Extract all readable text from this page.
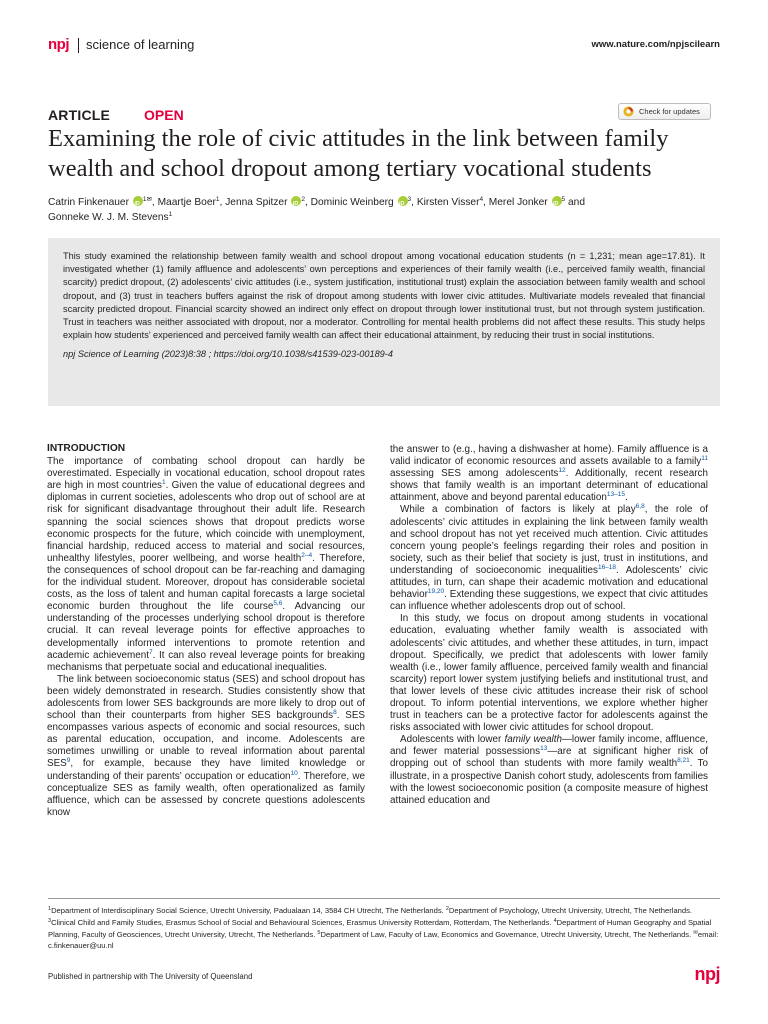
npj science of learning	www.nature.com/npjscilearn
ARTICLE OPEN	Check for updates
Examining the role of civic attitudes in the link between family wealth and school dropout among tertiary vocational students
Catrin Finkenauer iD $^{1✉}$, Maartje Boer$^1$, Jenna Spitzer iD $^2$, Dominic Weinberg iD $^3$, Kirsten Visser$^4$, Merel Jonker iD $^5$ and
Gonneke W. J. M. Stevens$^1$

This study examined the relationship between family wealth and school dropout among vocational education students (n = 1,231; mean age=17.81). It investigated whether (1) family affluence and adolescents’ own perceptions and experiences of their family wealth (i.e., perceived family wealth, financial scarcity) predict dropout, (2) adolescents’ civic attitudes (i.e., system justification, institutional trust) explain the association between family wealth and school dropout, and (3) trust in teachers buffers against the risk of dropout among students with lower civic attitudes. Multivariate models revealed that financial scarcity predicted dropout. Financial scarcity showed an indirect only effect on dropout through lower institutional trust, but not through system justification. Trust in teachers was neither associated with dropout, nor a moderator. Controlling for mental health problems did not affect these results. This study helps explain how students’ experienced and perceived family wealth can affect their educational attainment, by reducing their trust in social institutions.

npj Science of Learning (2023)8:38 ; https://doi.org/10.1038/s41539-023-00189-4

INTRODUCTION

The importance of combating school dropout can hardly be overestimated. Especially in vocational education, school dropout rates are high in most countries$^1$. Given the value of educational degrees and diplomas in current societies, adolescents who drop out of school are at risk for significant disadvantage throughout their adult life. Research spanning the social sciences shows that dropout predicts worse economic prospects for the future, which coincide with unemployment, financial hardship, reduced access to material and social resources, unhealthy lifestyles, poorer wellbeing, and worse health$^{2-4}$. Therefore, the consequences of school dropout can be far-reaching and damaging for the individual student. Moreover, dropout has considerable societal costs, as the loss of talent and human capital forecasts a large societal economic burden throughout the life course$^{5,6}$. Advancing our understanding of the processes underlying school dropout is therefore crucial. It can reveal leverage points for effective approaches to developmentally informed interventions to promote retention and academic achievement$^7$. It can also reveal leverage points for breaking mechanisms that perpetuate social and educational inequalities.

The link between socioeconomic status (SES) and school dropout has been widely demonstrated in research. Studies consistently show that adolescents from lower SES backgrounds are more likely to drop out of school than their counterparts from higher SES backgrounds$^8$. SES encompasses various aspects of economic and social resources, such as parental education, occupation, and income. Adolescents are sometimes unwilling or unable to reveal information about parental SES$^9$, for example, because they have limited knowledge or understanding of their parents’ occupation or education$^{10}$. Therefore, we conceptualize SES as family wealth, often operationalized as family affluence, which can be assessed by concrete questions adolescents know

the answer to (e.g., having a dishwasher at home). Family affluence is a valid indicator of economic resources and assets available to a family$^{11}$ assessing SES among adolescents$^{12}$. Additionally, recent research shows that family wealth is an important determinant of educational attainment, above and beyond parental education$^{13-15}$.

While a combination of factors is likely at play$^{6,8}$, the role of adolescents’ civic attitudes in explaining the link between family wealth and school dropout has not yet received much attention. Civic attitudes concern young people’s feelings regarding their roles and position in society, such as their belief that society is just, trust in institutions, and understanding of socioeconomic inequalities$^{16-18}$. Adolescents’ civic attitudes, in turn, can shape their academic motivation and educational behavior$^{19,20}$. Extending these suggestions, we expect that civic attitudes can influence whether adolescents drop out of school.

In this study, we focus on dropout among students in vocational education, evaluating whether family wealth is associated with adolescents’ civic attitudes, and whether these attitudes, in turn, impact dropout. Specifically, we predict that adolescents with lower family wealth (i.e., lower family affluence, perceived family wealth and financial scarcity) report lower system justifying beliefs and institutional trust, and that lower levels of these civic attitudes increase their risk of school dropout. To inform potential interventions, we explore whether higher trust in teachers can be a protective factor for adolescents against the risks associated with lower civic attitudes for school dropout.

Adolescents with lower family wealth—lower family income, affluence, and fewer material possessions$^{13}$—are at significant higher risk of dropping out of school than students with more family wealth$^{8,21}$. To illustrate, in a prospective Danish cohort study, adolescents from families with the lowest socioeconomic position (a composite measure of highest attained education and

$^1$Department of Interdisciplinary Social Science, Utrecht University, Padualaan 14, 3584 CH Utrecht, The Netherlands. $^2$Department of Psychology, Utrecht University, Utrecht, The Netherlands. $^3$Clinical Child and Family Studies, Erasmus School of Social and Behavioural Sciences, Erasmus University Rotterdam, Rotterdam, The Netherlands. $^4$Department of Human Geography and Spatial Planning, Faculty of Geosciences, Utrecht University, Utrecht, The Netherlands. $^5$Department of Law, Faculty of Law, Economics and Governance, Utrecht University, Utrecht, The Netherlands. ✉email: c.finkenauer@uu.nl
Published in partnership with The University of Queensland	npj
